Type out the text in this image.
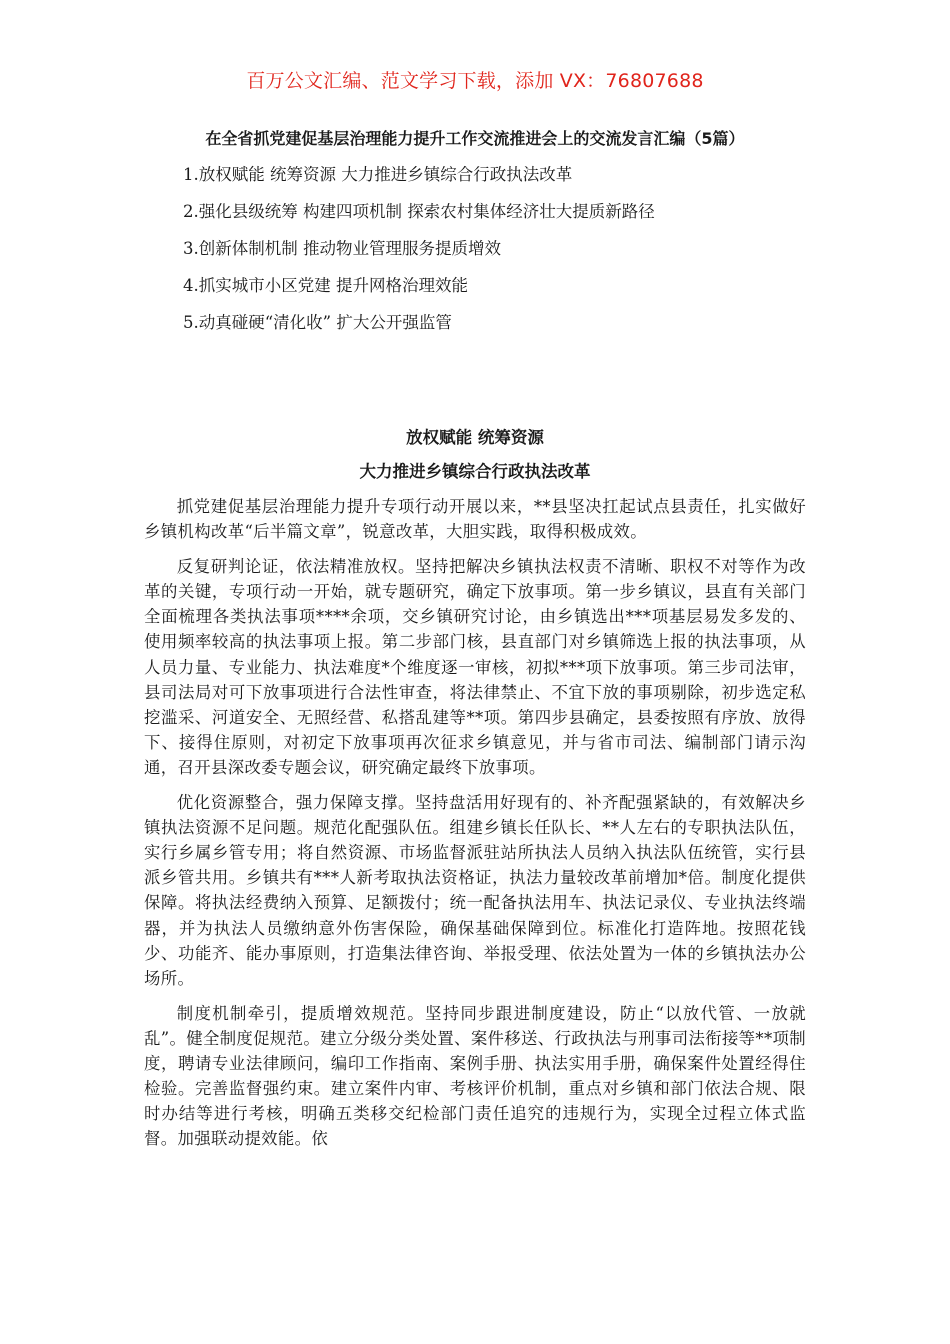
百万公文汇编、范文学习下载，添加 VX：76807688
在全省抓党建促基层治理能力提升工作交流推进会上的交流发言汇编（5篇）
1.放权赋能 统筹资源 大力推进乡镇综合行政执法改革
2.强化县级统筹 构建四项机制 探索农村集体经济壮大提质新路径
3.创新体制机制 推动物业管理服务提质增效
4.抓实城市小区党建 提升网格治理效能
5.动真碰硬“清化收” 扩大公开强监管
放权赋能 统筹资源
大力推进乡镇综合行政执法改革

抓党建促基层治理能力提升专项行动开展以来，**县坚决扛起试点县责任，扎实做好乡镇机构改革“后半篇文章”，锐意改革，大胆实践，取得积极成效。

反复研判论证，依法精准放权。坚持把解决乡镇执法权责不清晰、职权不对等作为改革的关键，专项行动一开始，就专题研究，确定下放事项。第一步乡镇议，县直有关部门全面梳理各类执法事项****余项，交乡镇研究讨论，由乡镇选出***项基层易发多发的、使用频率较高的执法事项上报。第二步部门核，县直部门对乡镇筛选上报的执法事项，从人员力量、专业能力、执法难度*个维度逐一审核，初拟***项下放事项。第三步司法审，县司法局对可下放事项进行合法性审查，将法律禁止、不宜下放的事项剔除，初步选定私挖滥采、河道安全、无照经营、私搭乱建等**项。第四步县确定，县委按照有序放、放得下、接得住原则，对初定下放事项再次征求乡镇意见，并与省市司法、编制部门请示沟通，召开县深改委专题会议，研究确定最终下放事项。

优化资源整合，强力保障支撑。坚持盘活用好现有的、补齐配强紧缺的，有效解决乡镇执法资源不足问题。规范化配强队伍。组建乡镇长任队长、**人左右的专职执法队伍，实行乡属乡管专用；将自然资源、市场监督派驻站所执法人员纳入执法队伍统管，实行县派乡管共用。乡镇共有***人新考取执法资格证，执法力量较改革前增加*倍。制度化提供保障。将执法经费纳入预算、足额拨付；统一配备执法用车、执法记录仪、专业执法终端器，并为执法人员缴纳意外伤害保险，确保基础保障到位。标准化打造阵地。按照花钱少、功能齐、能办事原则，打造集法律咨询、举报受理、依法处置为一体的乡镇执法办公场所。

制度机制牵引，提质增效规范。坚持同步跟进制度建设，防止“以放代管、一放就乱”。健全制度促规范。建立分级分类处置、案件移送、行政执法与刑事司法衔接等**项制度，聘请专业法律顾问，编印工作指南、案例手册、执法实用手册，确保案件处置经得住检验。完善监督强约束。建立案件内审、考核评价机制，重点对乡镇和部门依法合规、限时办结等进行考核，明确五类移交纪检部门责任追究的违规行为，实现全过程立体式监督。加强联动提效能。依
